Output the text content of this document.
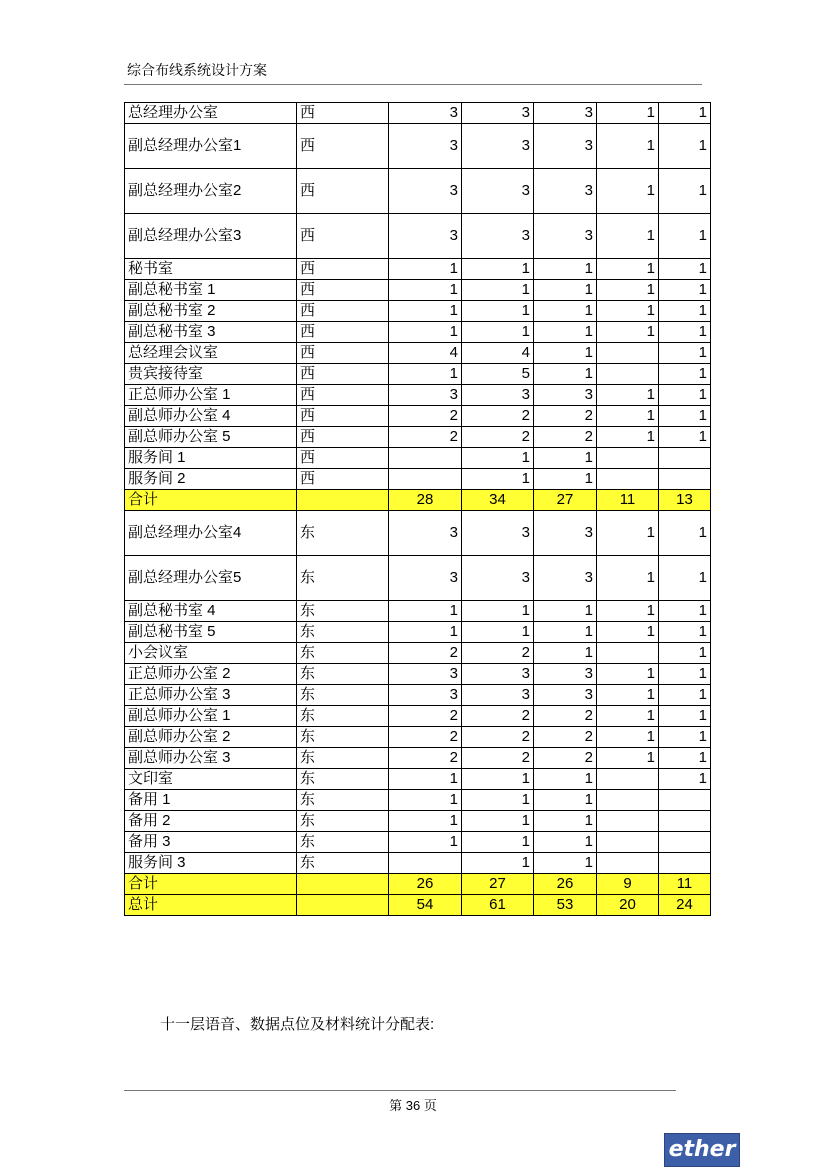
综合布线系统设计方案
总经理办公室	西	3	3	3	1	1
副总经理办公室1	西	3	3	3	1	1
副总经理办公室2	西	3	3	3	1	1
副总经理办公室3	西	3	3	3	1	1
秘书室	西	1	1	1	1	1
副总秘书室 1	西	1	1	1	1	1
副总秘书室 2	西	1	1	1	1	1
副总秘书室 3	西	1	1	1	1	1
总经理会议室	西	4	4	1		1
贵宾接待室	西	1	5	1		1
正总师办公室 1	西	3	3	3	1	1
副总师办公室 4	西	2	2	2	1	1
副总师办公室 5	西	2	2	2	1	1
服务间 1	西		1	1		
服务间 2	西		1	1		
合计		28	34	27	11	13
副总经理办公室4	东	3	3	3	1	1
副总经理办公室5	东	3	3	3	1	1
副总秘书室 4	东	1	1	1	1	1
副总秘书室 5	东	1	1	1	1	1
小会议室	东	2	2	1		1
正总师办公室 2	东	3	3	3	1	1
正总师办公室 3	东	3	3	3	1	1
副总师办公室 1	东	2	2	2	1	1
副总师办公室 2	东	2	2	2	1	1
副总师办公室 3	东	2	2	2	1	1
文印室	东	1	1	1		1
备用 1	东	1	1	1		
备用 2	东	1	1	1		
备用 3	东	1	1	1		
服务间 3	东		1	1		
合计		26	27	26	9	11
总计		54	61	53	20	24
十一层语音、数据点位及材料统计分配表:
第 36 页
ether
